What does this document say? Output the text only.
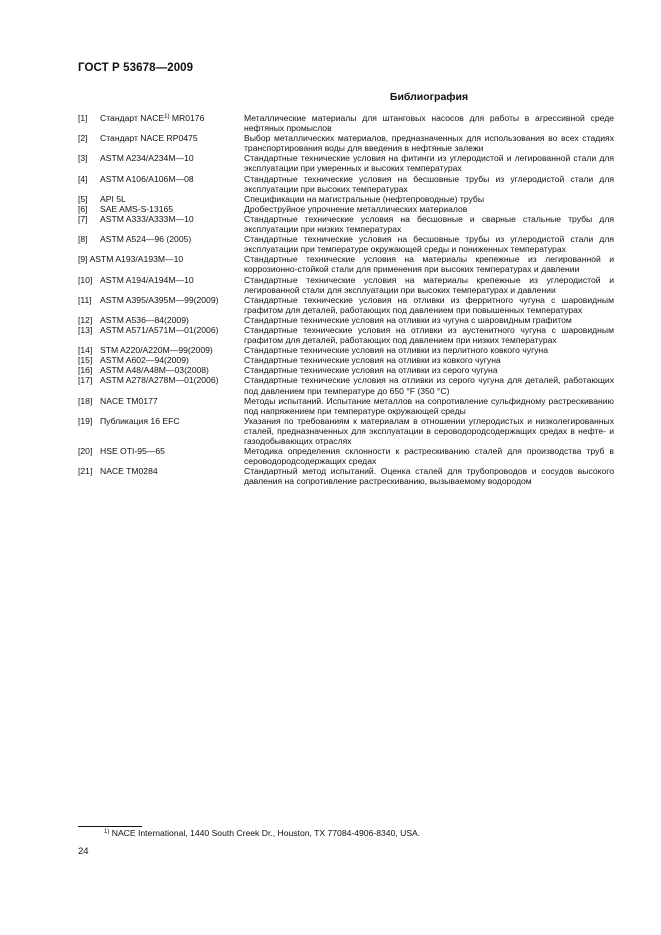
ГОСТ Р 53678—2009
Библиография
[1]	Стандарт NACE$^{1)}$ MR0176	Металлические материалы для штанговых насосов для работы в агрессивной среде нефтяных промыслов
[2]	Стандарт NACE RP0475	Выбор металлических материалов, предназначенных для использования во всех стадиях транспортирования воды для введения в нефтяные залежи
[3]	ASTM A234/A234M—10	Стандартные технические условия на фитинги из углеродистой и легированной стали для эксплуатации при умеренных и высоких температурах
[4]	ASTM A106/A106M—08	Стандартные технические условия на бесшовные трубы из углеродистой стали для эксплуатации при высоких температурах
[5]	API 5L	Спецификации на магистральные (нефтепроводные) трубы
[6]	SAE AMS-S-13165	Дробеструйное упрочнение металлических материалов
[7]	ASTM A333/A333M—10	Стандартные технические условия на бесшовные и сварные стальные трубы для эксплуатации при низких температурах
[8]	ASTM A524—96 (2005)	Стандартные технические условия на бесшовные трубы из углеродистой стали для эксплуатации при температуре окружающей среды и пониженных температурах
[9] ASTM A193/A193M—10	Стандартные технические условия на материалы крепежные из легированной и коррозионно-стойкой стали для применения при высоких температурах и давлении
[10] ASTM A194/A194M—10	Стандартные технические условия на материалы крепежные из углеродистой и легированной стали для эксплуатации при высоких температурах и давлении
[11] ASTM A395/A395M—99(2009)	Стандартные технические условия на отливки из ферритного чугуна с шаровидным графитом для деталей, работающих под давлением при повышенных температурах
[12] ASTM A536—84(2009)	Стандартные технические условия на отливки из чугуна с шаровидным графитом
[13] ASTM A571/A571M—01(2006)	Стандартные технические условия на отливки из аустенитного чугуна с шаровидным графитом для деталей, работающих под давлением при низких температурах
[14] STM A220/A220M—99(2009)	Стандартные технические условия на отливки из перлитного ковкого чугуна
[15] ASTM A602—94(2009)	Стандартные технические условия на отливки из ковкого чугуна
[16] ASTM A48/A48M—03(2008)	Стандартные технические условия на отливки из серого чугуна
[17] ASTM A278/A278M—01(2006)	Стандартные технические условия на отливки из серого чугуна для деталей, работающих под давлением при температуре до 650 °F (350 °C)
[18] NACE TM0177	Методы испытаний. Испытание металлов на сопротивление сульфидному растрескиванию под напряжением при температуре окружающей среды
[19] Публикация 16 EFC	Указания по требованиям к материалам в отношении углеродистых и низколегированных сталей, предназначенных для эксплуатации в сероводородсодержащих средах в нефте- и газодобывающих отраслях
[20] HSE OTI-95—65	Методика определения склонности к растрескиванию сталей для производства труб в сероводородсодержащих средах
[21] NACE TM0284	Стандартный метод испытаний. Оценка сталей для трубопроводов и сосудов высокого давления на сопротивление растрескиванию, вызываемому водородом
$^{1)}$ NACE International, 1440 South Creek Dr., Houston, TX 77084-4906-8340, USA.
24
